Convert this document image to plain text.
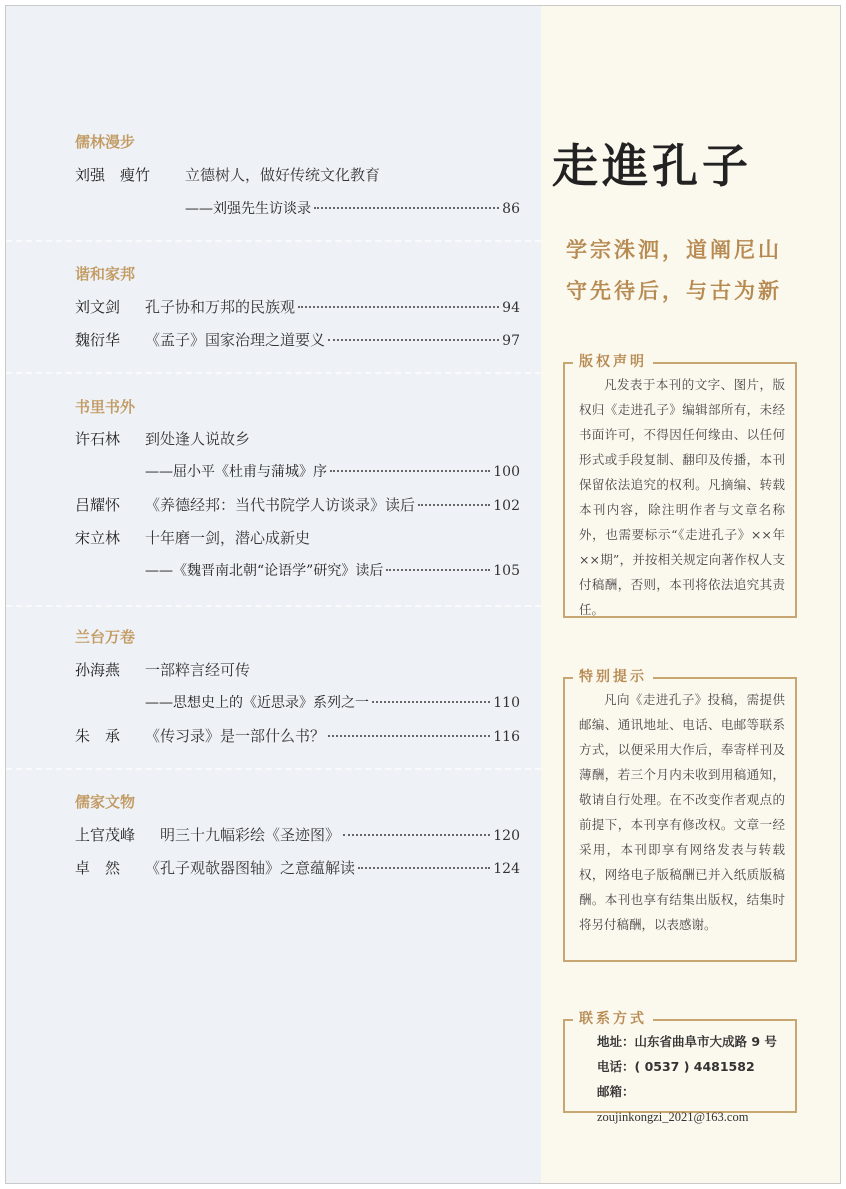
儒林漫步
刘强　瘦竹	立德树人，做好传统文化教育
——刘强先生访谈录	86
谐和家邦
刘文剑	孔子协和万邦的民族观	94
魏衍华	《孟子》国家治理之道要义	97
书里书外
许石林	到处逢人说故乡
——屈小平《杜甫与蒲城》序	100
吕耀怀	《养德经邦：当代书院学人访谈录》读后	102
宋立林	十年磨一剑，潜心成新史
——《魏晋南北朝“论语学”研究》读后	105
兰台万卷
孙海燕	一部粹言经可传
——思想史上的《近思录》系列之一	110
朱　承	《传习录》是一部什么书？	116
儒家文物
上官茂峰	明三十九幅彩绘《圣迹图》	120
卓　然	《孔子观欹器图轴》之意蕴解读	124
走進孔子
学宗洙泗，道阐尼山
守先待后，与古为新
版权声明

凡发表于本刊的文字、图片，版权归《走进孔子》编辑部所有，未经书面许可，不得因任何缘由、以任何形式或手段复制、翻印及传播，本刊保留依法追究的权利。凡摘编、转载本刊内容，除注明作者与文章名称外，也需要标示“《走进孔子》××年××期”，并按相关规定向著作权人支付稿酬，否则，本刊将依法追究其责任。

特别提示

凡向《走进孔子》投稿，需提供邮编、通讯地址、电话、电邮等联系方式，以便采用大作后，奉寄样刊及薄酬，若三个月内未收到用稿通知，敬请自行处理。在不改变作者观点的前提下，本刊享有修改权。文章一经采用，本刊即享有网络发表与转载权，网络电子版稿酬已并入纸质版稿酬。本刊也享有结集出版权，结集时将另付稿酬，以表感谢。

联系方式
地址：山东省曲阜市大成路 9 号
电话：( 0537 ) 4481582
邮箱：zoujinkongzi_2021@163.com
